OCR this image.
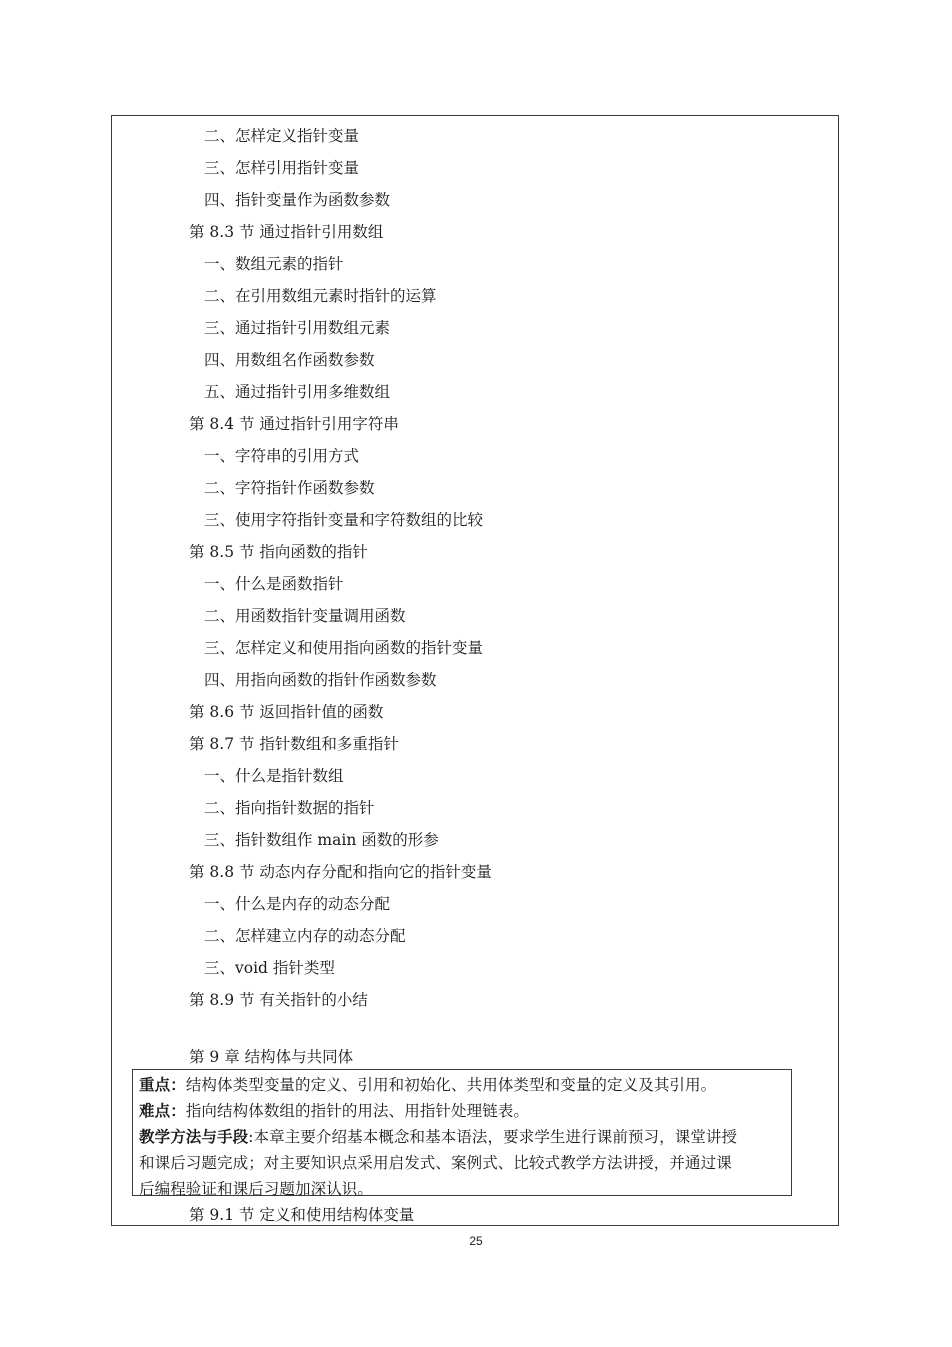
二、怎样定义指针变量
三、怎样引用指针变量
四、指针变量作为函数参数
第 8.3 节 通过指针引用数组
一、数组元素的指针
二、在引用数组元素时指针的运算
三、通过指针引用数组元素
四、用数组名作函数参数
五、通过指针引用多维数组
第 8.4 节 通过指针引用字符串
一、字符串的引用方式
二、字符指针作函数参数
三、使用字符指针变量和字符数组的比较
第 8.5 节 指向函数的指针
一、什么是函数指针
二、用函数指针变量调用函数
三、怎样定义和使用指向函数的指针变量
四、用指向函数的指针作函数参数
第 8.6 节 返回指针值的函数
第 8.7 节 指针数组和多重指针
一、什么是指针数组
二、指向指针数据的指针
三、指针数组作 main 函数的形参
第 8.8 节 动态内存分配和指向它的指针变量
一、什么是内存的动态分配
二、怎样建立内存的动态分配
三、void 指针类型
第 8.9 节 有关指针的小结
第 9 章 结构体与共同体

重点：结构体类型变量的定义、引用和初始化、共用体类型和变量的定义及其引用。

难点：指向结构体数组的指针的用法、用指针处理链表。

教学方法与手段:本章主要介绍基本概念和基本语法，要求学生进行课前预习，课堂讲授

和课后习题完成；对主要知识点采用启发式、案例式、比较式教学方法讲授，并通过课

后编程验证和课后习题加深认识。

第 9.1 节 定义和使用结构体变量
25
